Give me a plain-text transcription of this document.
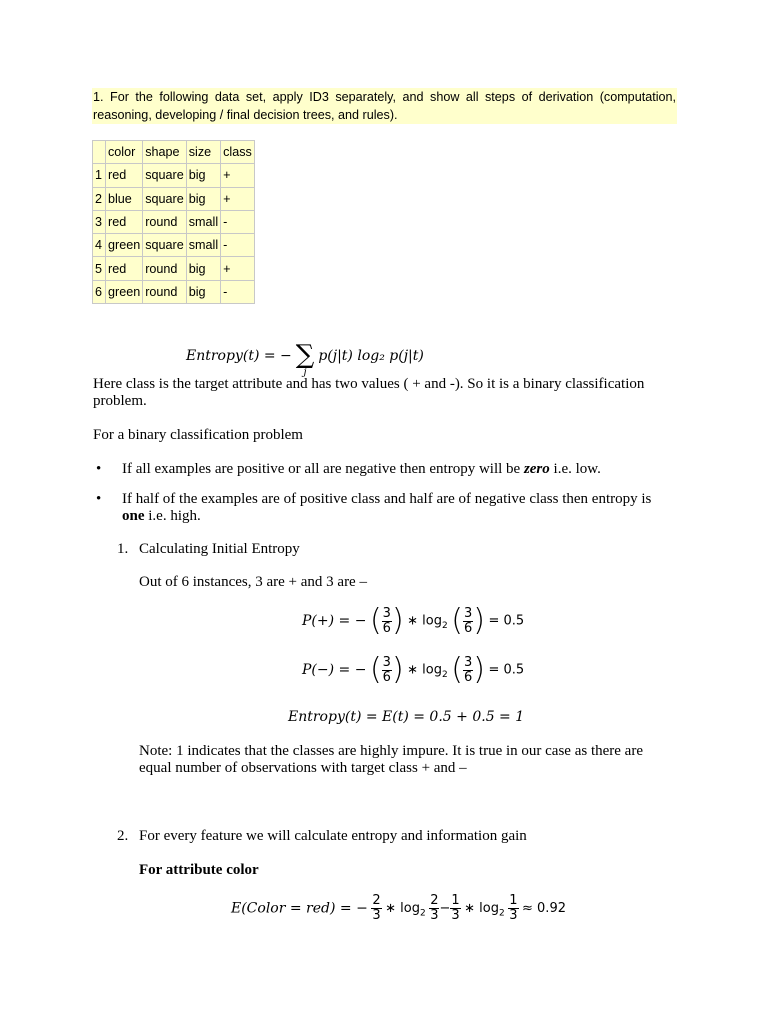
1. For the following data set, apply ID3 separately, and show all steps of derivation (computation, reasoning, developing / final decision trees, and rules).
	color	shape	size	class
1	red	square	big	+
2	blue	square	big	+
3	red	round	small	-
4	green	square	small	-
5	red	round	big	+
6	green	round	big	-
Entropy(t) = − ∑
j
p(j|t) log₂ p(j|t)
Here class is the target attribute and has two values ( + and -). So it is a binary classification problem.
For a binary classification problem
• If all examples are positive or all are negative then entropy will be zero i.e. low.
• If half of the examples are of positive class and half are of negative class then entropy is one i.e. high.
1. Calculating Initial Entropy
Out of 6 instances, 3 are + and 3 are –
P(+) = − ( $\frac{3}{6}$ ) ∗ $\log_2$ ( $\frac{3}{6}$ ) = 0.5
P(−) = − ( $\frac{3}{6}$ ) ∗ $\log_2$ ( $\frac{3}{6}$ ) = 0.5
Entropy(t) = E(t) = 0.5 + 0.5 = 1
Note: 1 indicates that the classes are highly impure. It is true in our case as there are equal number of observations with target class + and –
2. For every feature we will calculate entropy and information gain
For attribute color
E(Color = red) = − $\frac{2}{3}$ ∗ $\log_2 \frac{2}{3} - \frac{1}{3}$ ∗ $\log_2 \frac{1}{3} \approx 0.92$
